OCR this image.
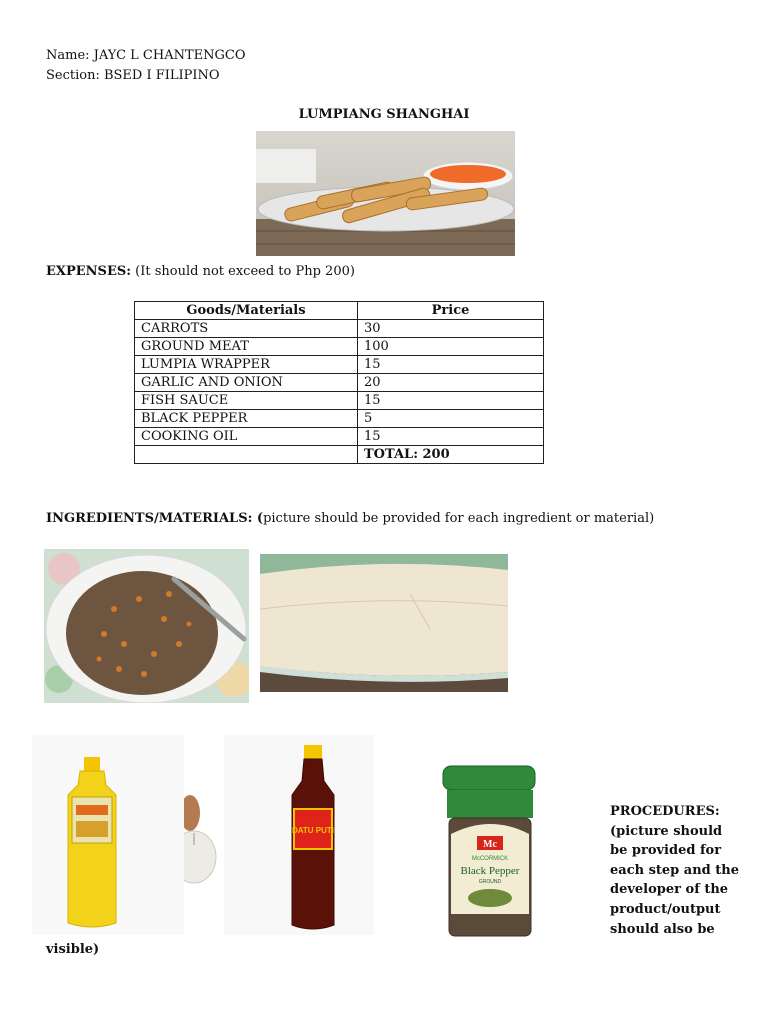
Name: JAYC L CHANTENGCO
Section: BSED I FILIPINO
LUMPIANG SHANGHAI
EXPENSES: (It should not exceed to Php 200)
Goods/Materials	Price
CARROTS	30
GROUND MEAT	100
LUMPIA WRAPPER	15
GARLIC AND ONION	20
FISH SAUCE	15
BLACK PEPPER	5
COOKING OIL	15
	TOTAL: 200
INGREDIENTS/MATERIALS: (picture should be provided for each ingredient or material)
DATU PUTI
Mc
McCORMICK
Black Pepper
GROUND
PROCEDURES:
(picture should
be provided for
each step and the
developer of the
product/output
should also be
visible)
